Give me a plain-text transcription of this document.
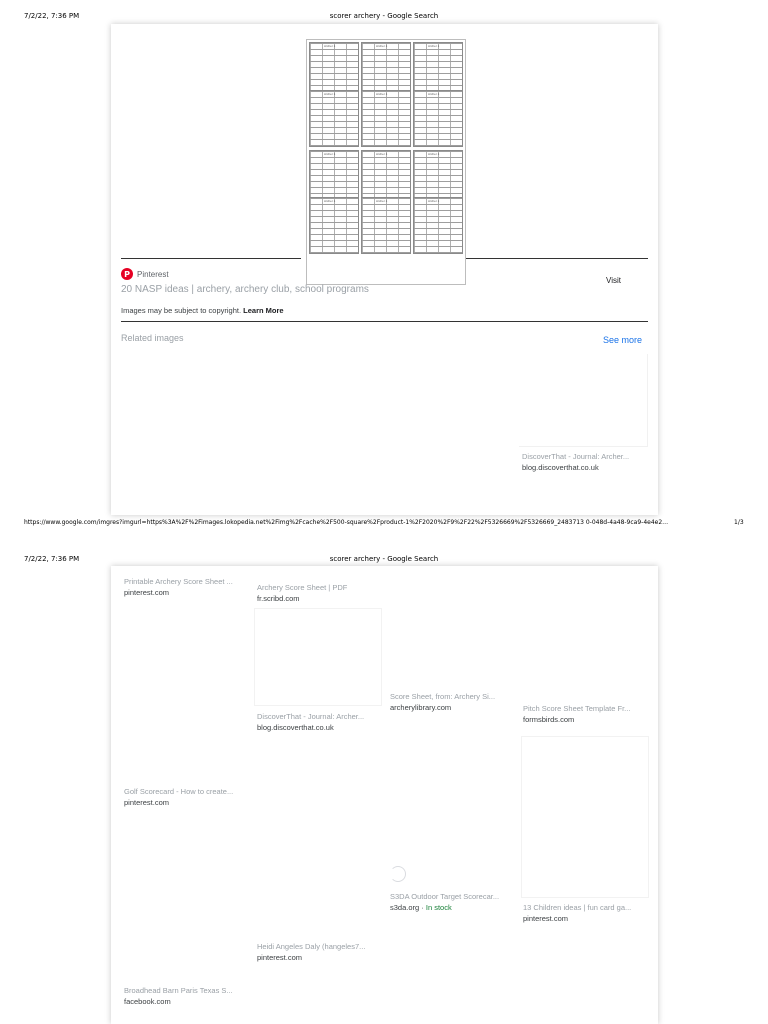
7/2/22, 7:36 PM	scorer archery - Google Search
Archer 1	Archer 1	Archer 1
Archer 1	Archer 1	Archer 1
Archer 1	Archer 1	Archer 1
Archer 1	Archer 1	Archer 1
P Pinterest
20 NASP ideas | archery, archery club, school programs
Visit
Images may be subject to copyright. Learn More
Related images	See more
DiscoverThat - Journal: Archer...
blog.discoverthat.co.uk
https://www.google.com/imgres?imgurl=https%3A%2F%2Fimages.lokopedia.net%2Fimg%2Fcache%2F500-square%2Fproduct-1%2F2020%2F9%2F22%2F5326669%2F5326669_2483713 0-048d-4a48-9ca9-4e4e2…	1/3
7/2/22, 7:36 PM	scorer archery - Google Search
Printable Archery Score Sheet ...
pinterest.com
Archery Score Sheet | PDF
fr.scribd.com
DiscoverThat - Journal: Archer...
blog.discoverthat.co.uk
Score Sheet, from: Archery Si...
archerylibrary.com	Pitch Score Sheet Template Fr...
formsbirds.com
Golf Scorecard - How to create...
pinterest.com
S3DA Outdoor Target Scorecar...
s3da.org · In stock	13 Children ideas | fun card ga...
pinterest.com
Heidi Angeles Daly (hangeles7...
pinterest.com
Broadhead Barn Paris Texas S...
facebook.com
